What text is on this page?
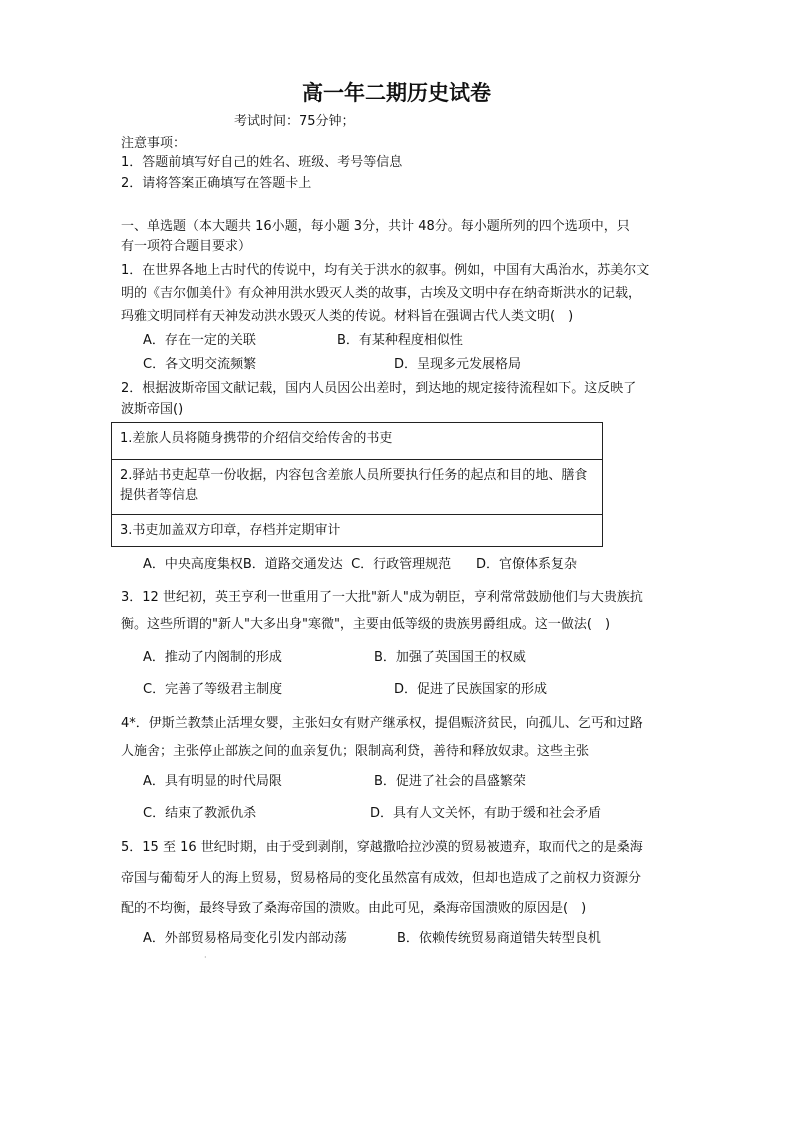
高一年二期历史试卷
考试时间：75分钟；
注意事项：
1．答题前填写好自己的姓名、班级、考号等信息
2．请将答案正确填写在答题卡上
一、单选题（本大题共 16小题，每小题 3分，共计 48分。每小题所列的四个选项中，只
有一项符合题目要求）
1．在世界各地上古时代的传说中，均有关于洪水的叙事。例如，中国有大禹治水，苏美尔文
明的《吉尔伽美什》有众神用洪水毁灭人类的故事，古埃及文明中存在纳奇斯洪水的记载，
玛雅文明同样有天神发动洪水毁灭人类的传说。材料旨在强调古代人类文明(　)
A．存在一定的关联	B．有某种程度相似性
C．各文明交流频繁	D．呈现多元发展格局
2．根据波斯帝国文献记载，国内人员因公出差时，到达地的规定接待流程如下。这反映了
波斯帝国()
1.差旅人员将随身携带的介绍信交给传舍的书吏
2.驿站书吏起草一份收据，内容包含差旅人员所要执行任务的起点和目的地、膳食提供者等信息
3.书吏加盖双方印章，存档并定期审计
A．中央高度集权B．道路交通发达  C．行政管理规范      D．官僚体系复杂
3．12 世纪初，英王亨利一世重用了一大批"新人"成为朝臣，亨利常常鼓励他们与大贵族抗
衡。这些所谓的"新人"大多出身"寒微"，主要由低等级的贵族男爵组成。这一做法(　)
A．推动了内阁制的形成	B．加强了英国国王的权威
C．完善了等级君主制度	D．促进了民族国家的形成
4*．伊斯兰教禁止活埋女婴，主张妇女有财产继承权，提倡赈济贫民，向孤儿、乞丐和过路
人施舍；主张停止部族之间的血亲复仇；限制高利贷，善待和释放奴隶。这些主张
A．具有明显的时代局限	B．促进了社会的昌盛繁荣
C．结束了教派仇杀	D．具有人文关怀，有助于缓和社会矛盾
5．15 至 16 世纪时期，由于受到剥削，穿越撒哈拉沙漠的贸易被遗弃，取而代之的是桑海
帝国与葡萄牙人的海上贸易，贸易格局的变化虽然富有成效，但却也造成了之前权力资源分
配的不均衡，最终导致了桑海帝国的溃败。由此可见，桑海帝国溃败的原因是(　)
A．外部贸易格局变化引发内部动荡	B．依赖传统贸易商道错失转型良机
·
